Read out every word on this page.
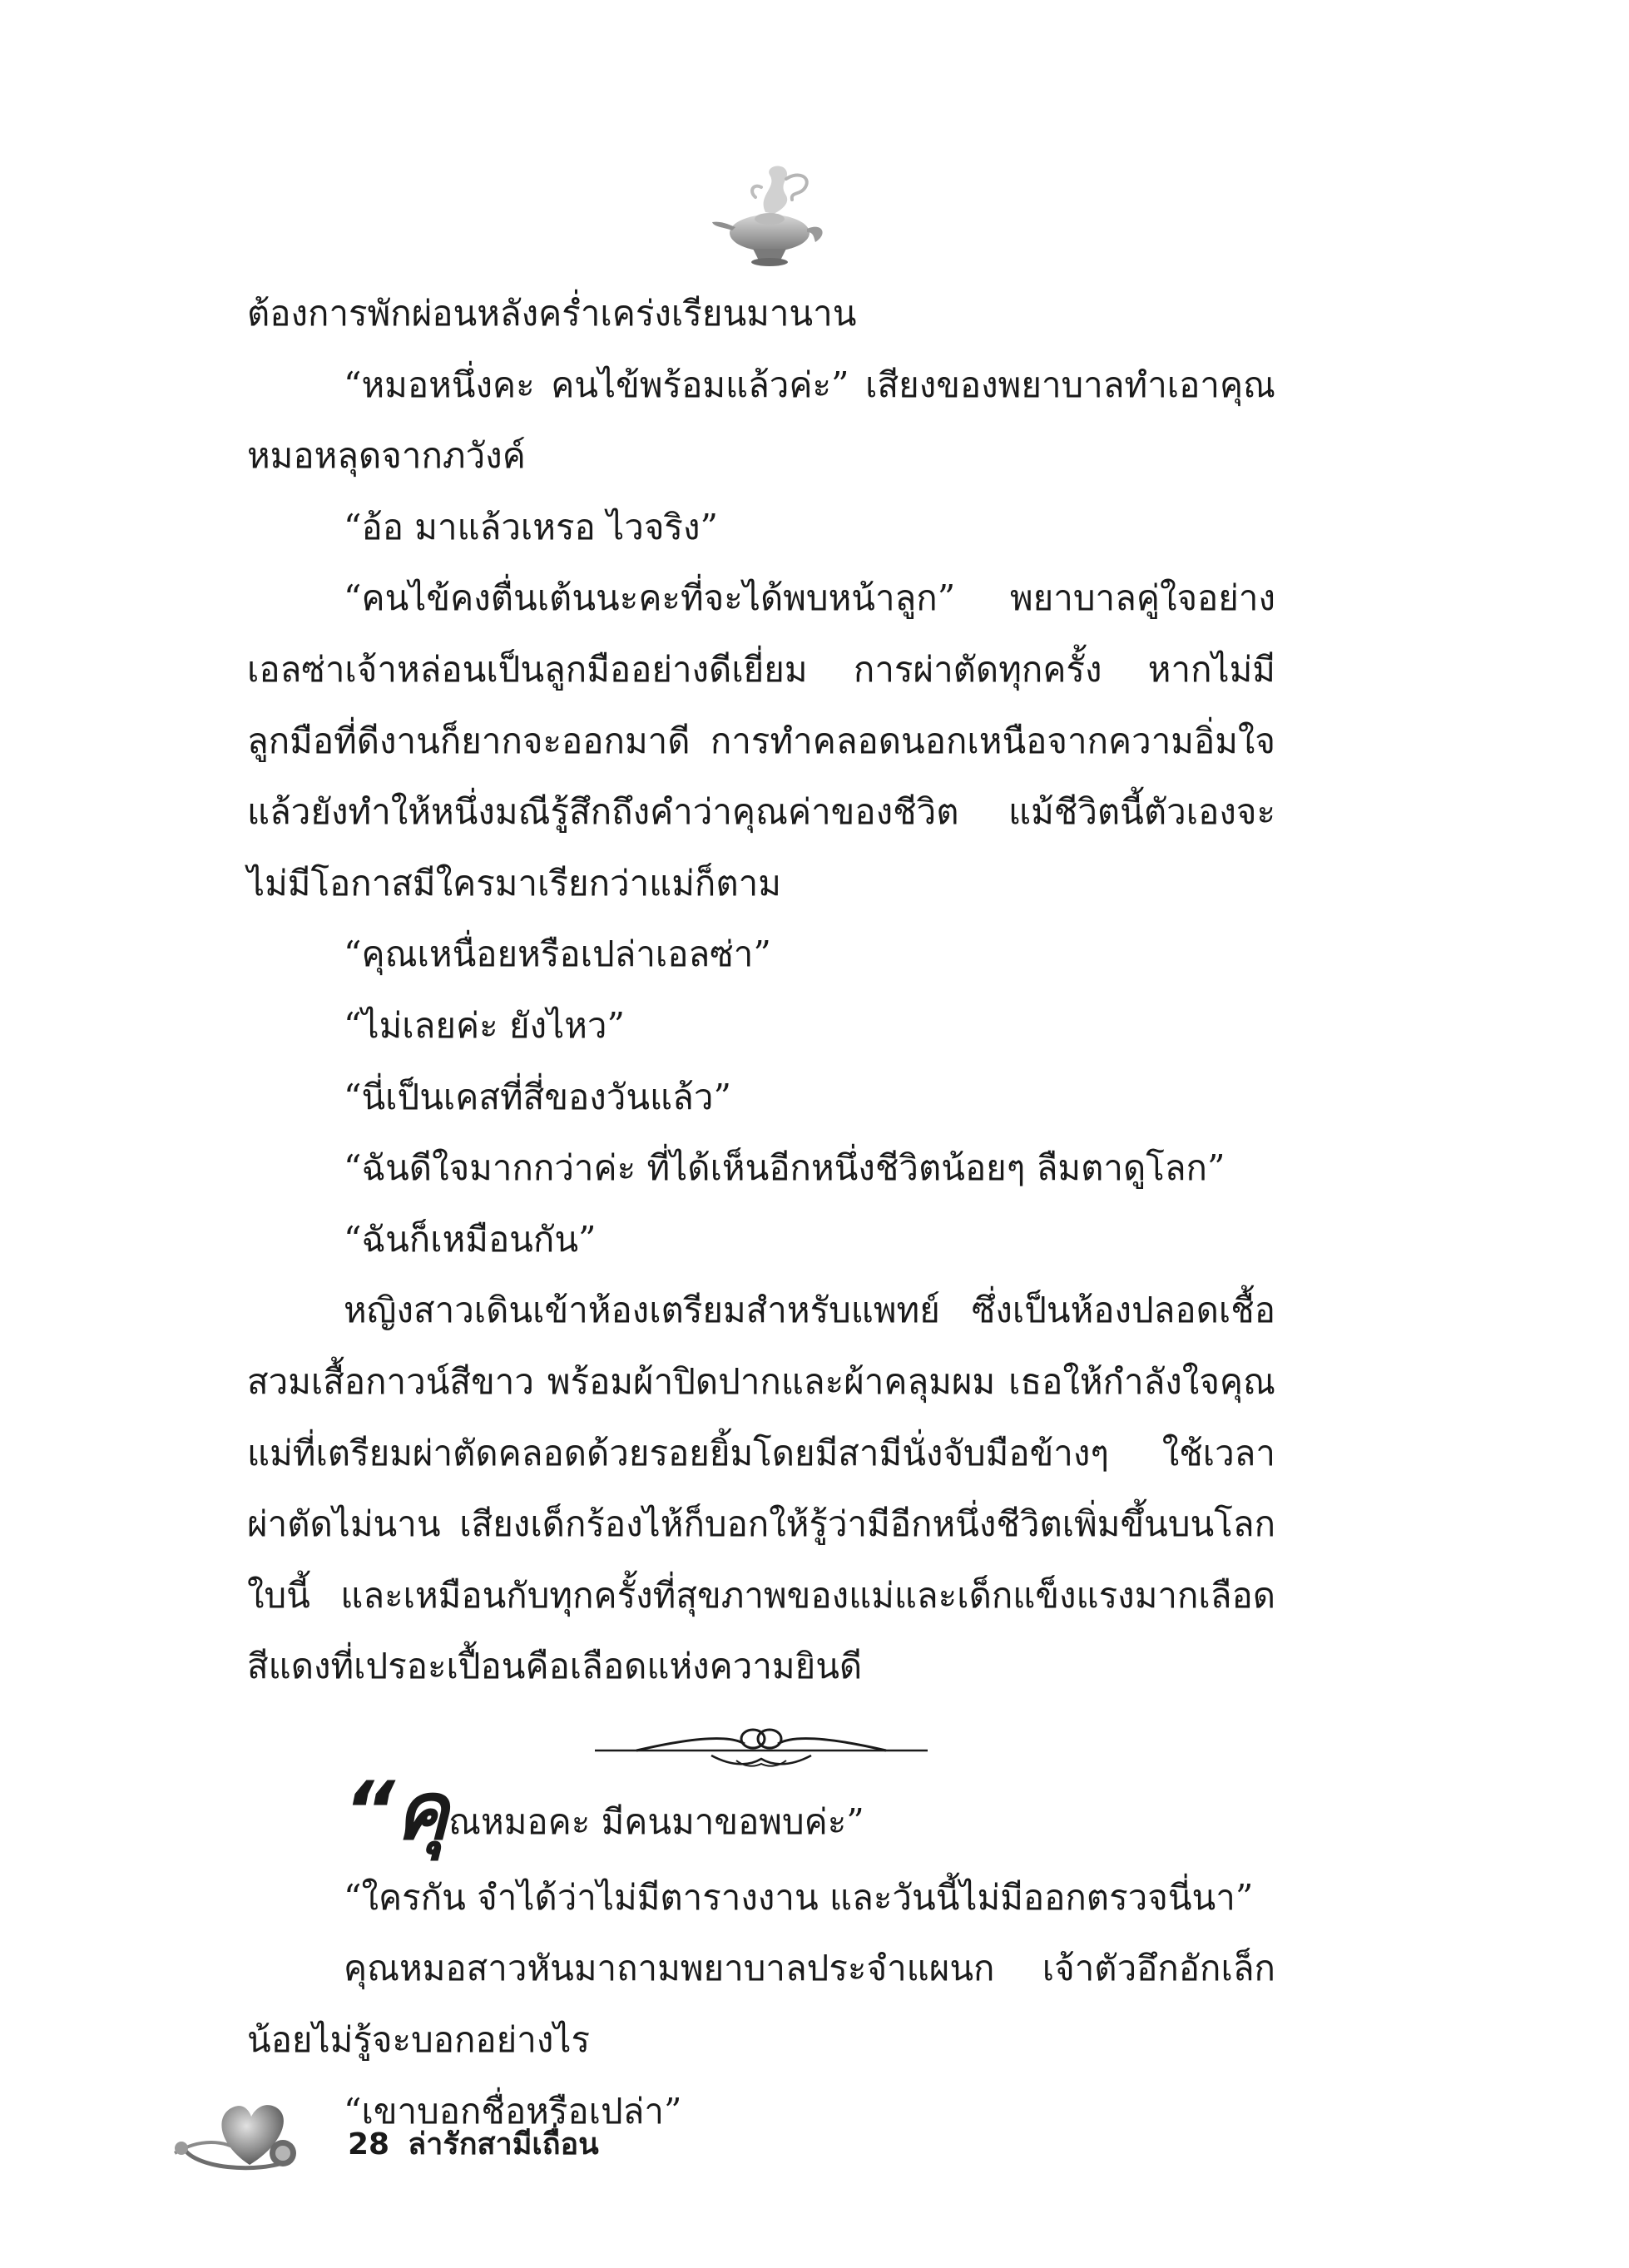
ต้องการพักผ่อนหลังคร่ำเคร่งเรียนมานาน

“หมอหนึ่งคะ คนไข้พร้อมแล้วค่ะ” เสียงของพยาบาลทำเอาคุณหมอหลุดจากภวังค์

“อ้อ มาแล้วเหรอ ไวจริง”

“คนไข้คงตื่นเต้นนะคะที่จะได้พบหน้าลูก” พยาบาลคู่ใจอย่างเอลซ่าเจ้าหล่อนเป็นลูกมืออย่างดีเยี่ยม การผ่าตัดทุกครั้ง หากไม่มีลูกมือที่ดีงานก็ยากจะออกมาดี การทำคลอดนอกเหนือจากความอิ่มใจแล้วยังทำให้หนึ่งมณีรู้สึกถึงคำว่าคุณค่าของชีวิต แม้ชีวิตนี้ตัวเองจะไม่มีโอกาสมีใครมาเรียกว่าแม่ก็ตาม

“คุณเหนื่อยหรือเปล่าเอลซ่า”

“ไม่เลยค่ะ ยังไหว”

“นี่เป็นเคสที่สี่ของวันแล้ว”

“ฉันดีใจมากกว่าค่ะ ที่ได้เห็นอีกหนึ่งชีวิตน้อยๆ ลืมตาดูโลก”

“ฉันก็เหมือนกัน”

หญิงสาวเดินเข้าห้องเตรียมสำหรับแพทย์ ซึ่งเป็นห้องปลอดเชื้อสวมเสื้อกาวน์สีขาว พร้อมผ้าปิดปากและผ้าคลุมผม เธอให้กำลังใจคุณแม่ที่เตรียมผ่าตัดคลอดด้วยรอยยิ้มโดยมีสามีนั่งจับมือข้างๆ ใช้เวลาผ่าตัดไม่นาน เสียงเด็กร้องไห้ก็บอกให้รู้ว่ามีอีกหนึ่งชีวิตเพิ่มขึ้นบนโลกใบนี้ และเหมือนกับทุกครั้งที่สุขภาพของแม่และเด็กแข็งแรงมากเลือดสีแดงที่เปรอะเปื้อนคือเลือดแห่งความยินดี

“คุณหมอคะ มีคนมาขอพบค่ะ”

“ใครกัน จำได้ว่าไม่มีตารางงาน และวันนี้ไม่มีออกตรวจนี่นา”

คุณหมอสาวหันมาถามพยาบาลประจำแผนก เจ้าตัวอึกอักเล็กน้อยไม่รู้จะบอกอย่างไร

“เขาบอกชื่อหรือเปล่า”

28 ล่ารักสามีเถื่อน
